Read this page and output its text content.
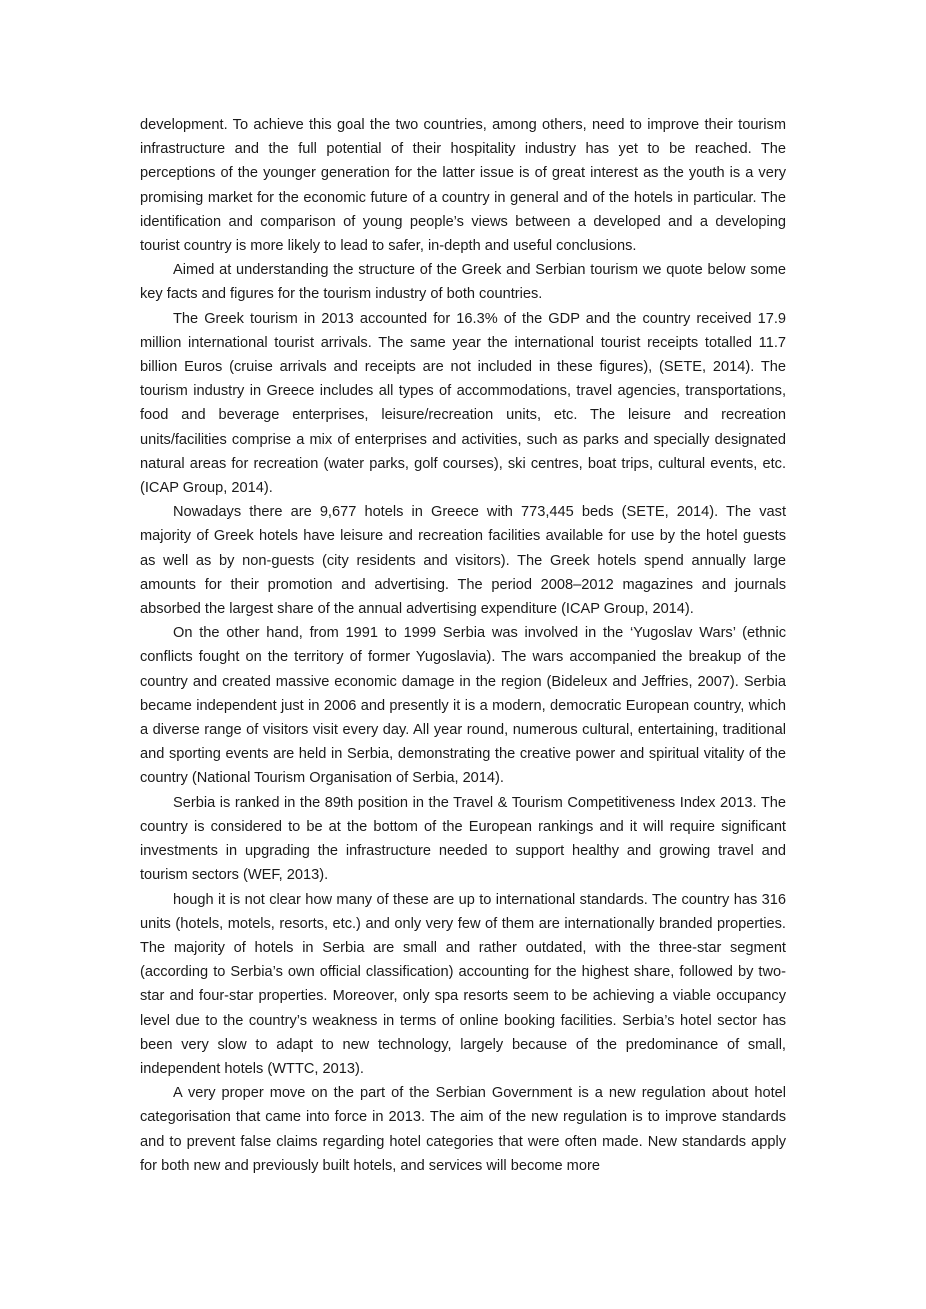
development. To achieve this goal the two countries, among others, need to improve their tourism infrastructure and the full potential of their hospitality industry has yet to be reached. The perceptions of the younger generation for the latter issue is of great interest as the youth is a very promising market for the economic future of a country in general and of the hotels in particular. The identification and comparison of young people’s views between a developed and a developing tourist country is more likely to lead to safer, in-depth and useful conclusions.

Aimed at understanding the structure of the Greek and Serbian tourism we quote below some key facts and figures for the tourism industry of both countries.

The Greek tourism in 2013 accounted for 16.3% of the GDP and the country received 17.9 million international tourist arrivals. The same year the international tourist receipts totalled 11.7 billion Euros (cruise arrivals and receipts are not included in these figures), (SETE, 2014). The tourism industry in Greece includes all types of accommodations, travel agencies, transportations, food and beverage enterprises, leisure/recreation units, etc. The leisure and recreation units/facilities comprise a mix of enterprises and activities, such as parks and specially designated natural areas for recreation (water parks, golf courses), ski centres, boat trips, cultural events, etc. (ICAP Group, 2014).

Nowadays there are 9,677 hotels in Greece with 773,445 beds (SETE, 2014). The vast majority of Greek hotels have leisure and recreation facilities available for use by the hotel guests as well as by non-guests (city residents and visitors). The Greek hotels spend annually large amounts for their promotion and advertising. The period 2008–2012 magazines and journals absorbed the largest share of the annual advertising expenditure (ICAP Group, 2014).

On the other hand, from 1991 to 1999 Serbia was involved in the ‘Yugoslav Wars’ (ethnic conflicts fought on the territory of former Yugoslavia). The wars accompanied the breakup of the country and created massive economic damage in the region (Bideleux and Jeffries, 2007). Serbia became independent just in 2006 and presently it is a modern, democratic European country, which a diverse range of visitors visit every day. All year round, numerous cultural, entertaining, traditional and sporting events are held in Serbia, demonstrating the creative power and spiritual vitality of the country (National Tourism Organisation of Serbia, 2014).

Serbia is ranked in the 89th position in the Travel & Tourism Competitiveness Index 2013. The country is considered to be at the bottom of the European rankings and it will require significant investments in upgrading the infrastructure needed to support healthy and growing travel and tourism sectors (WEF, 2013).

hough it is not clear how many of these are up to international standards. The country has 316 units (hotels, motels, resorts, etc.) and only very few of them are internationally branded properties. The majority of hotels in Serbia are small and rather outdated, with the three-star segment (according to Serbia’s own official classification) accounting for the highest share, followed by two-star and four-star properties. Moreover, only spa resorts seem to be achieving a viable occupancy level due to the country’s weakness in terms of online booking facilities. Serbia’s hotel sector has been very slow to adapt to new technology, largely because of the predominance of small, independent hotels (WTTC, 2013).

A very proper move on the part of the Serbian Government is a new regulation about hotel categorisation that came into force in 2013. The aim of the new regulation is to improve standards and to prevent false claims regarding hotel categories that were often made. New standards apply for both new and previously built hotels, and services will become more
